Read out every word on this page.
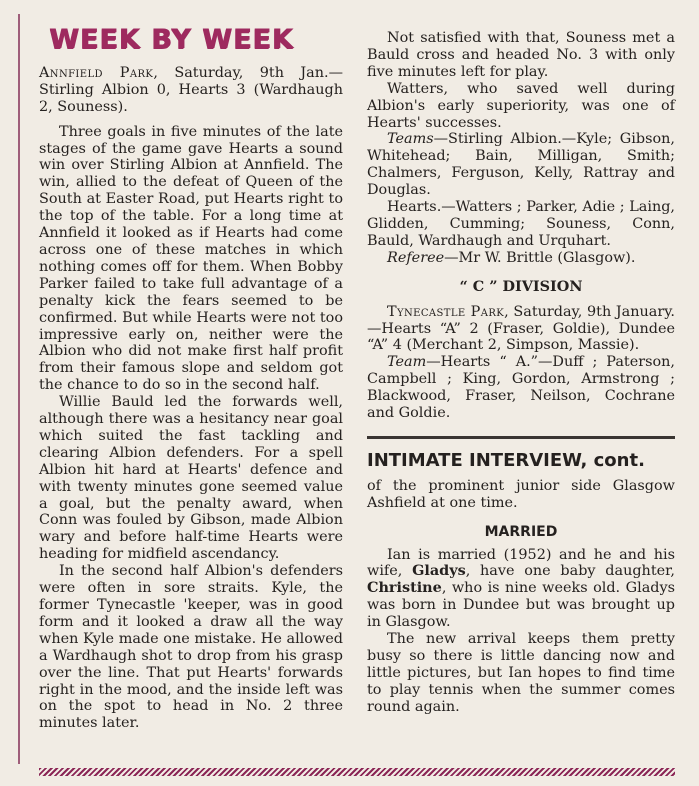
WEEK BY WEEK
Annfield Park, Saturday, 9th Jan.— Stirling Albion 0, Hearts 3 (Wardhaugh 2, Souness).

Three goals in five minutes of the late stages of the game gave Hearts a sound win over Stirling Albion at Annfield. The win, allied to the defeat of Queen of the South at Easter Road, put Hearts right to the top of the table. For a long time at Annfield it looked as if Hearts had come across one of these matches in which nothing comes off for them. When Bobby Parker failed to take full advantage of a penalty kick the fears seemed to be confirmed. But while Hearts were not too impressive early on, neither were the Albion who did not make first half profit from their famous slope and seldom got the chance to do so in the second half.

Willie Bauld led the forwards well, although there was a hesitancy near goal which suited the fast tackling and clearing Albion defenders. For a spell Albion hit hard at Hearts' defence and with twenty minutes gone seemed value a goal, but the penalty award, when Conn was fouled by Gibson, made Albion wary and before half-time Hearts were heading for midfield ascendancy.

In the second half Albion's defenders were often in sore straits. Kyle, the former Tynecastle 'keeper, was in good form and it looked a draw all the way when Kyle made one mistake. He allowed a Wardhaugh shot to drop from his grasp over the line. That put Hearts' forwards right in the mood, and the inside left was on the spot to head in No. 2 three minutes later.

Not satisfied with that, Souness met a Bauld cross and headed No. 3 with only five minutes left for play.

Watters, who saved well during Albion's early superiority, was one of Hearts' successes.

Teams—Stirling Albion.—Kyle; Gibson, Whitehead; Bain, Milligan, Smith; Chalmers, Ferguson, Kelly, Rattray and Douglas.

Hearts.—Watters ; Parker, Adie ; Laing, Glidden, Cumming; Souness, Conn, Bauld, Wardhaugh and Urquhart.

Referee—Mr W. Brittle (Glasgow).

“ C ” DIVISION

Tynecastle Park, Saturday, 9th January.—Hearts “A” 2 (Fraser, Goldie), Dundee “A” 4 (Merchant 2, Simpson, Massie).

Team—Hearts “ A.”—Duff ; Paterson, Campbell ; King, Gordon, Armstrong ; Blackwood, Fraser, Neilson, Cochrane and Goldie.

INTIMATE INTERVIEW, cont.

of the prominent junior side Glasgow Ashfield at one time.

MARRIED

Ian is married (1952) and he and his wife, Gladys, have one baby daughter, Christine, who is nine weeks old. Gladys was born in Dundee but was brought up in Glasgow.

The new arrival keeps them pretty busy so there is little dancing now and little pictures, but Ian hopes to find time to play tennis when the summer comes round again.
